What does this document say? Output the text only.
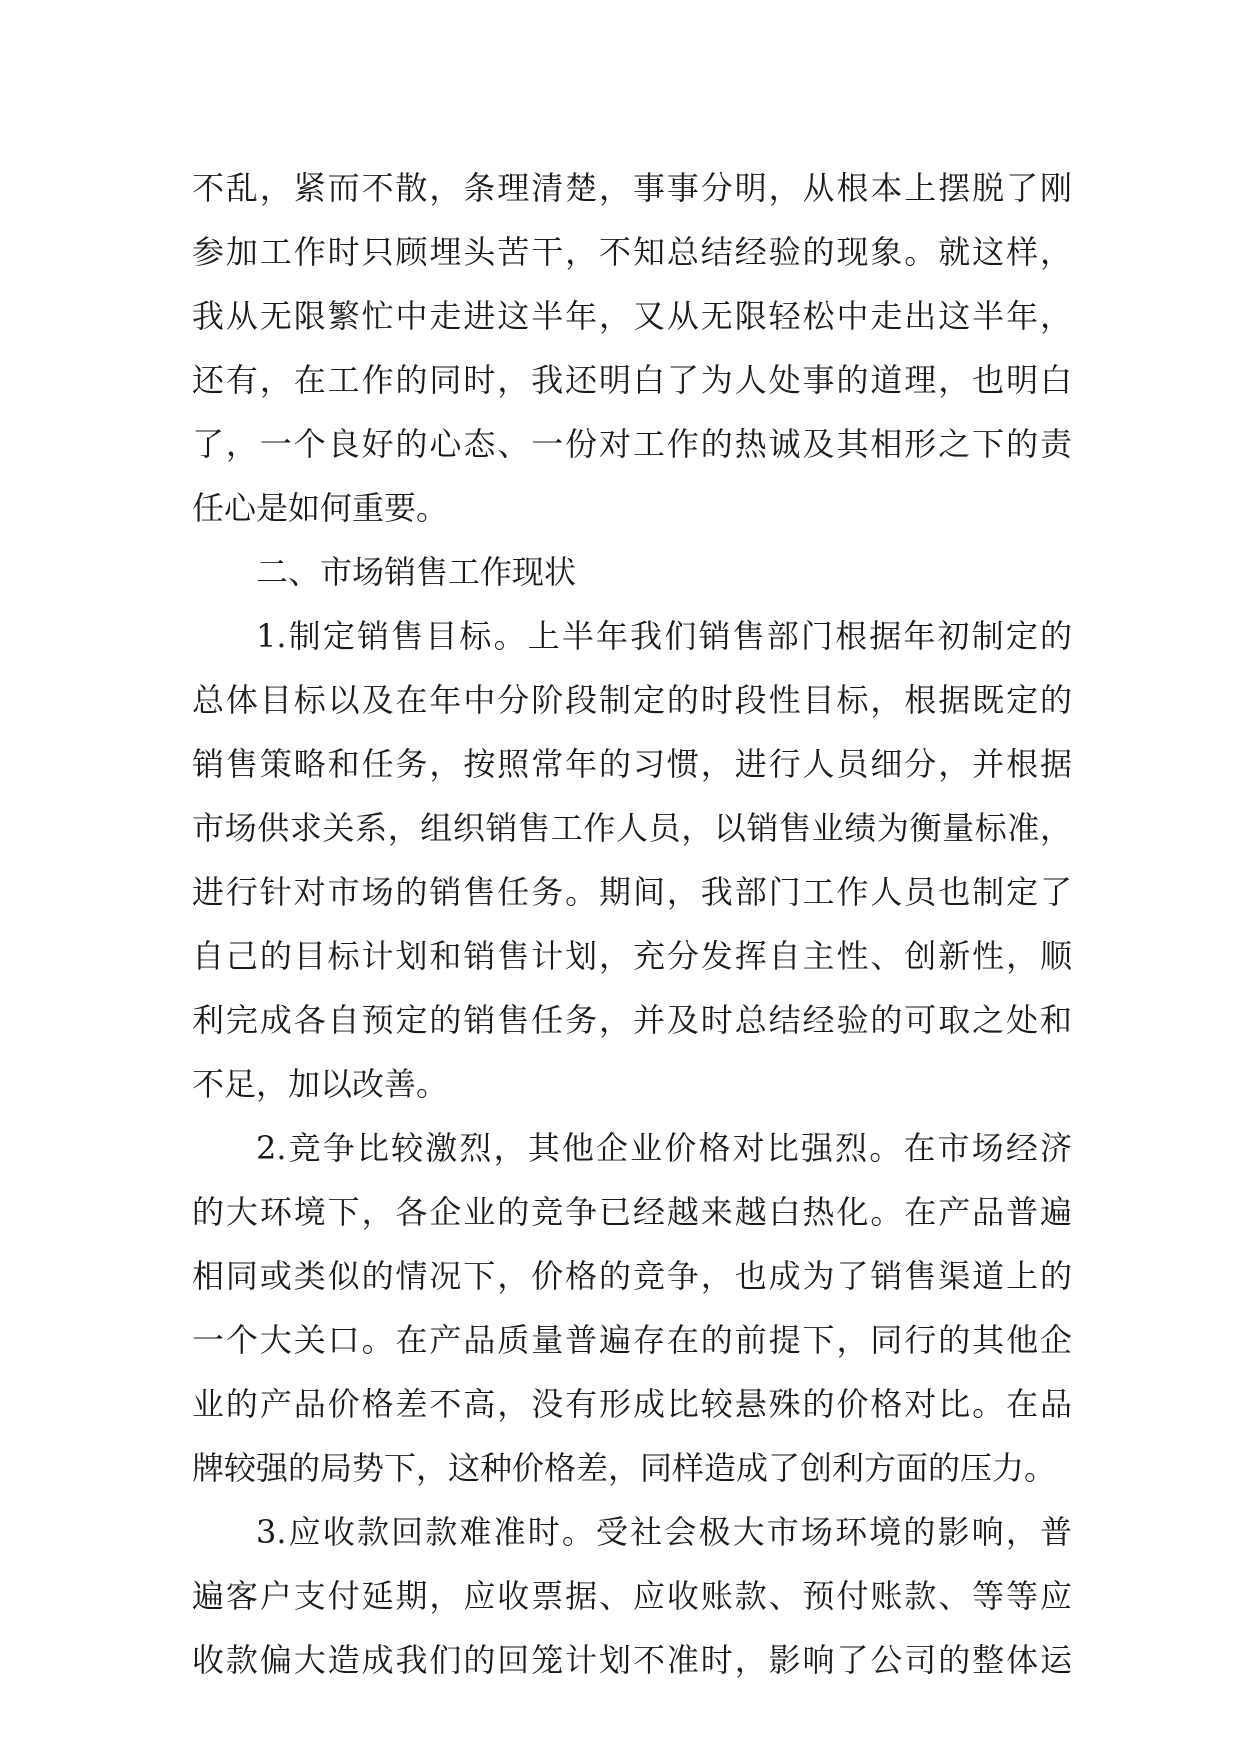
不乱，紧而不散，条理清楚，事事分明，从根本上摆脱了刚
参加工作时只顾埋头苦干，不知总结经验的现象。就这样，
我从无限繁忙中走进这半年，又从无限轻松中走出这半年，
还有，在工作的同时，我还明白了为人处事的道理，也明白
了，一个良好的心态、一份对工作的热诚及其相形之下的责
任心是如何重要。
二、市场销售工作现状
1.制定销售目标。上半年我们销售部门根据年初制定的
总体目标以及在年中分阶段制定的时段性目标，根据既定的
销售策略和任务，按照常年的习惯，进行人员细分，并根据
市场供求关系，组织销售工作人员，以销售业绩为衡量标准，
进行针对市场的销售任务。期间，我部门工作人员也制定了
自己的目标计划和销售计划，充分发挥自主性、创新性，顺
利完成各自预定的销售任务，并及时总结经验的可取之处和
不足，加以改善。
2.竞争比较激烈，其他企业价格对比强烈。在市场经济
的大环境下，各企业的竞争已经越来越白热化。在产品普遍
相同或类似的情况下，价格的竞争，也成为了销售渠道上的
一个大关口。在产品质量普遍存在的前提下，同行的其他企
业的产品价格差不高，没有形成比较悬殊的价格对比。在品
牌较强的局势下，这种价格差，同样造成了创利方面的压力。
3.应收款回款难准时。受社会极大市场环境的影响，普
遍客户支付延期，应收票据、应收账款、预付账款、等等应
收款偏大造成我们的回笼计划不准时，影响了公司的整体运
